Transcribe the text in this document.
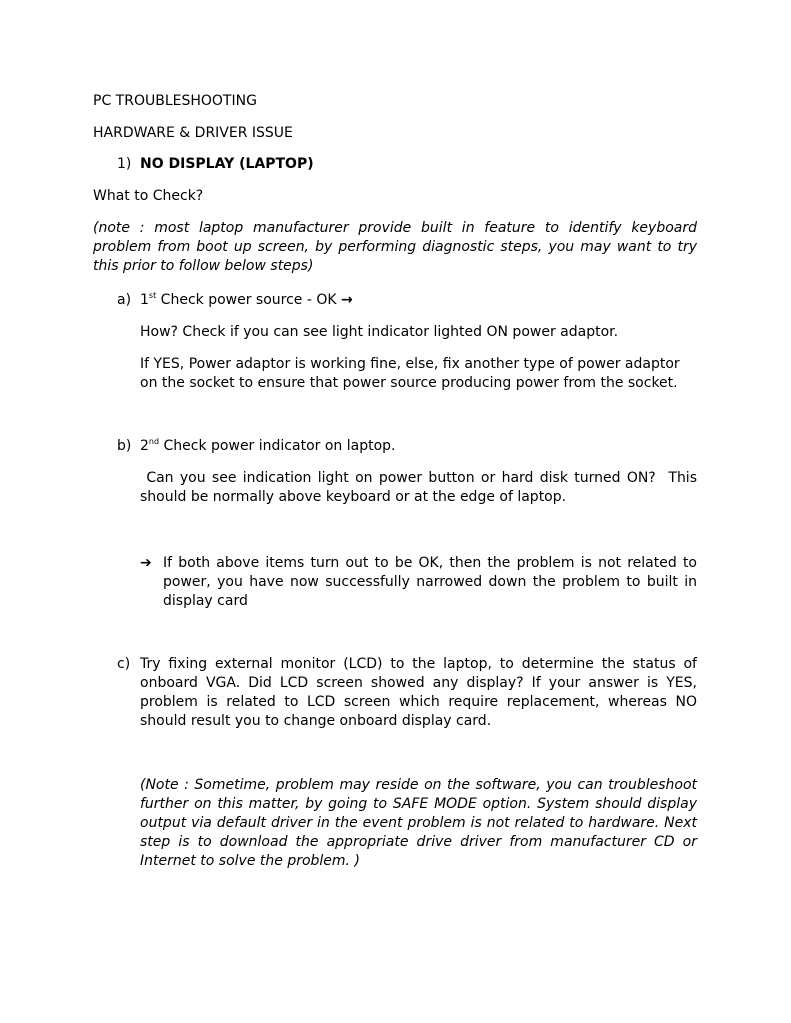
PC TROUBLESHOOTING
HARDWARE & DRIVER ISSUE
1) NO DISPLAY (LAPTOP)
What to Check?
(note : most laptop manufacturer provide built in feature to identify keyboard problem from boot up screen, by performing diagnostic steps, you may want to try this prior to follow below steps)
a) 1st Check power source - OK →
How? Check if you can see light indicator lighted ON power adaptor.
If YES, Power adaptor is working fine, else, fix another type of power adaptor on the socket to ensure that power source producing power from the socket.
b) 2nd Check power indicator on laptop.
Can you see indication light on power button or hard disk turned ON?  This should be normally above keyboard or at the edge of laptop.
➔ If both above items turn out to be OK, then the problem is not related to power, you have now successfully narrowed down the problem to built in display card
c) Try fixing external monitor (LCD) to the laptop, to determine the status of onboard VGA. Did LCD screen showed any display? If your answer is YES, problem is related to LCD screen which require replacement, whereas NO should result you to change onboard display card.
(Note : Sometime, problem may reside on the software, you can troubleshoot further on this matter, by going to SAFE MODE option. System should display output via default driver in the event problem is not related to hardware. Next step is to download the appropriate drive driver from manufacturer CD or Internet to solve the problem. )
